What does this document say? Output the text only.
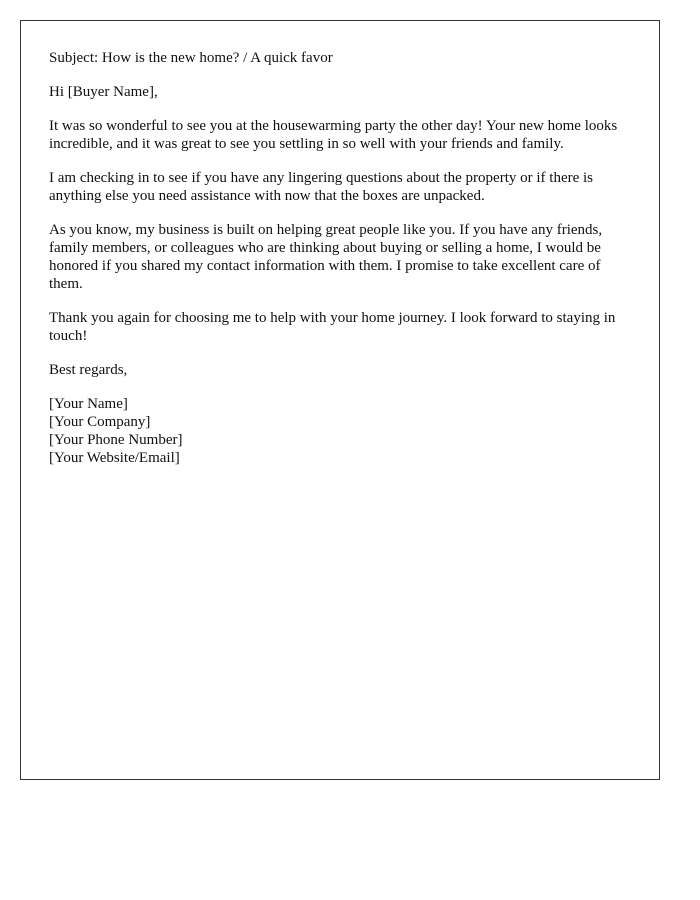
Subject: How is the new home? / A quick favor

Hi [Buyer Name],

It was so wonderful to see you at the housewarming party the other day! Your new home looks incredible, and it was great to see you settling in so well with your friends and family.

I am checking in to see if you have any lingering questions about the property or if there is anything else you need assistance with now that the boxes are unpacked.

As you know, my business is built on helping great people like you. If you have any friends, family members, or colleagues who are thinking about buying or selling a home, I would be honored if you shared my contact information with them. I promise to take excellent care of them.

Thank you again for choosing me to help with your home journey. I look forward to staying in touch!

Best regards,

[Your Name]
[Your Company]
[Your Phone Number]
[Your Website/Email]
